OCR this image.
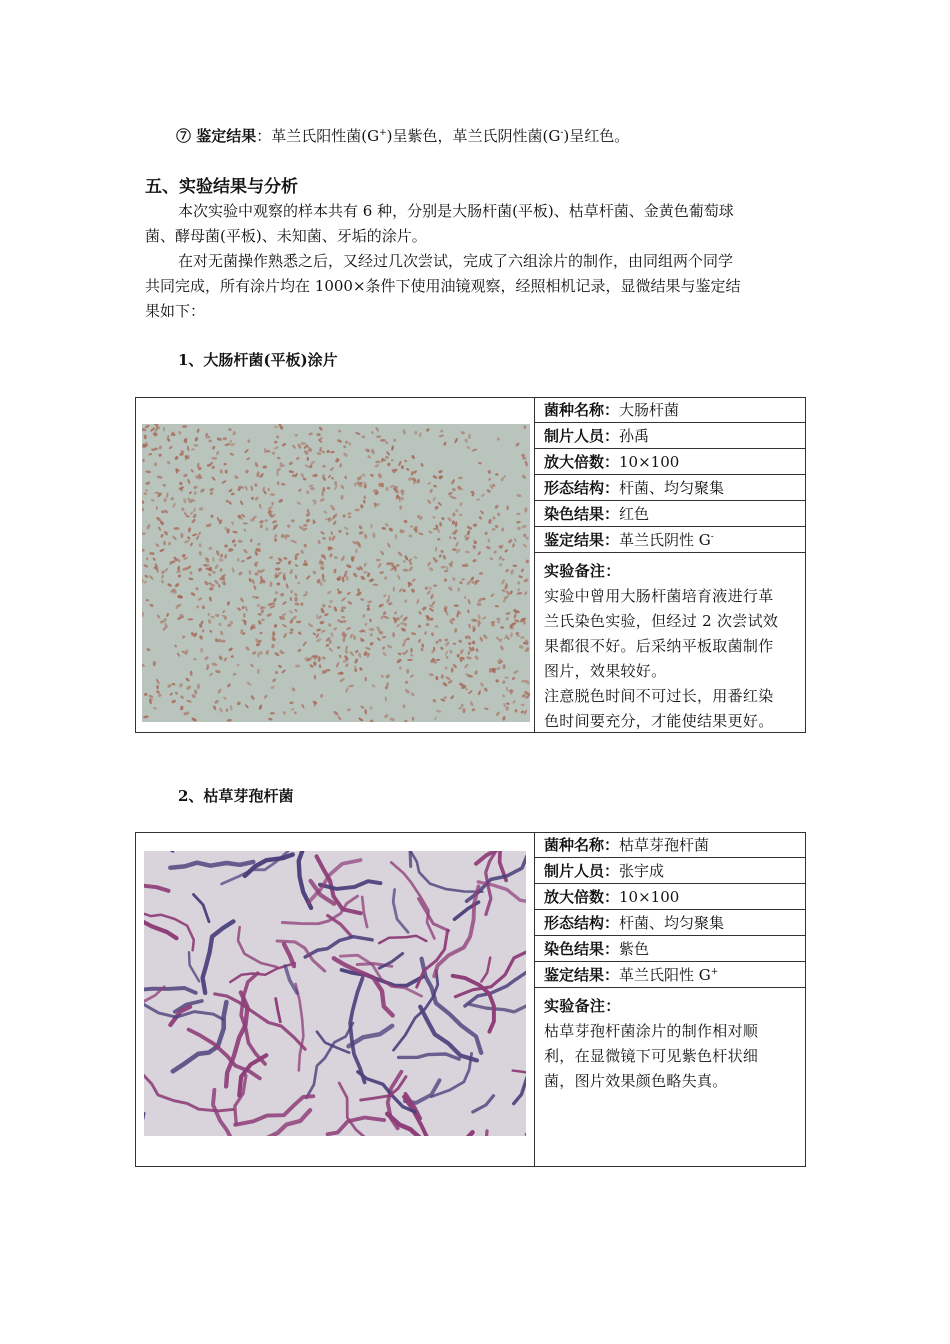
⑦ 鉴定结果：革兰氏阳性菌(G+)呈紫色，革兰氏阴性菌(G-)呈红色。
五、实验结果与分析
本次实验中观察的样本共有 6 种，分别是大肠杆菌(平板)、枯草杆菌、金黄色葡萄球
菌、酵母菌(平板)、未知菌、牙垢的涂片。
在对无菌操作熟悉之后，又经过几次尝试，完成了六组涂片的制作，由同组两个同学
共同完成，所有涂片均在 1000×条件下使用油镜观察，经照相机记录，显微结果与鉴定结
果如下：
1、大肠杆菌(平板)涂片
菌种名称：大肠杆菌
制片人员：孙禹
放大倍数：10×100
形态结构：杆菌、均匀聚集
染色结果：红色
鉴定结果：革兰氏阴性 G-
实验备注：

实验中曾用大肠杆菌培育液进行革

兰氏染色实验，但经过 2 次尝试效

果都很不好。后采纳平板取菌制作

图片，效果较好。

注意脱色时间不可过长，用番红染

色时间要充分，才能使结果更好。

2、枯草芽孢杆菌
菌种名称：枯草芽孢杆菌
制片人员：张宇成
放大倍数：10×100
形态结构：杆菌、均匀聚集
染色结果：紫色
鉴定结果：革兰氏阳性 G+
实验备注：

枯草芽孢杆菌涂片的制作相对顺

利，在显微镜下可见紫色杆状细

菌，图片效果颜色略失真。
